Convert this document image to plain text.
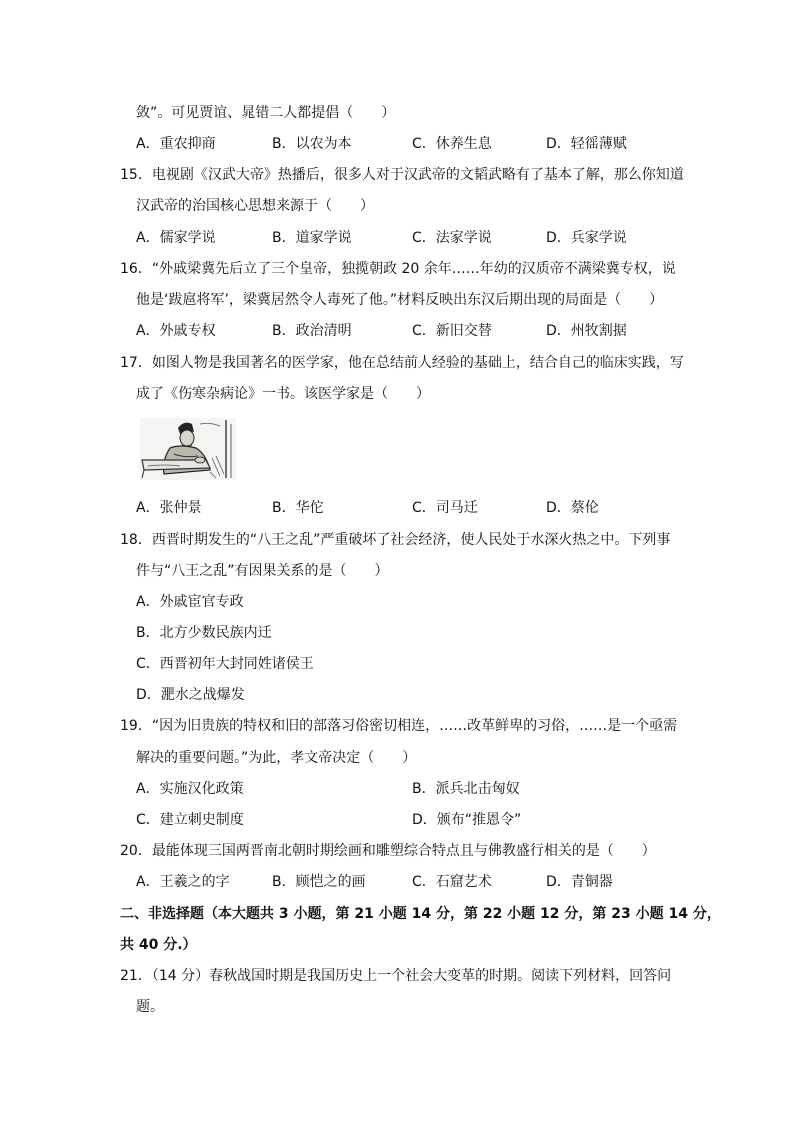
敛”。可见贾谊、晁错二人都提倡（　　）
A．重农抑商	B．以农为本	C．休养生息	D．轻徭薄赋
15．电视剧《汉武大帝》热播后，很多人对于汉武帝的文韬武略有了基本了解，那么你知道
汉武帝的治国核心思想来源于（　　）
A．儒家学说	B．道家学说	C．法家学说	D．兵家学说
16．“外戚梁冀先后立了三个皇帝，独揽朝政 20 余年……年幼的汉质帝不满梁冀专权，说
他是‘跋扈将军’，梁冀居然令人毒死了他。”材料反映出东汉后期出现的局面是（　　）
A．外戚专权	B．政治清明	C．新旧交替	D．州牧割据
17．如图人物是我国著名的医学家，他在总结前人经验的基础上，结合自己的临床实践，写
成了《伤寒杂病论》一书。该医学家是（　　）
A．张仲景	B．华佗	C．司马迁	D．蔡伦
18．西晋时期发生的“八王之乱”严重破坏了社会经济，使人民处于水深火热之中。下列事
件与“八王之乱”有因果关系的是（　　）
A．外戚宦官专政
B．北方少数民族内迁
C．西晋初年大封同姓诸侯王
D．淝水之战爆发
19．“因为旧贵族的特权和旧的部落习俗密切相连，……改革鲜卑的习俗，……是一个亟需
解决的重要问题。”为此，孝文帝决定（　　）
A．实施汉化政策	B．派兵北击匈奴
C．建立刺史制度	D．颁布“推恩令”
20．最能体现三国两晋南北朝时期绘画和雕塑综合特点且与佛教盛行相关的是（　　）
A．王羲之的字	B．顾恺之的画	C．石窟艺术	D．青铜器
二、非选择题（本大题共 3 小题，第 21 小题 14 分，第 22 小题 12 分，第 23 小题 14 分，
共 40 分.）
21．（14 分）春秋战国时期是我国历史上一个社会大变革的时期。阅读下列材料，回答问
题。
